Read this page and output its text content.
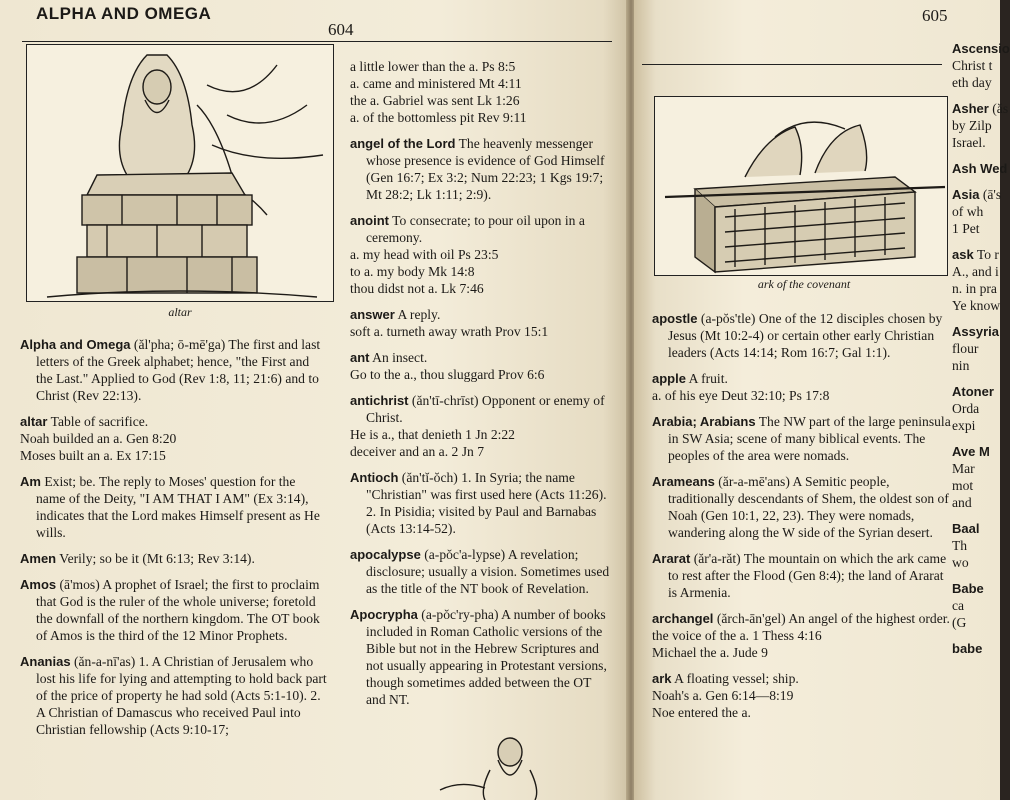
ALPHA AND OMEGA
604
altar

Alpha and Omega (ăl'pha; ō-mē'ga) The first and last letters of the Greek alphabet; hence, "the First and the Last." Applied to God (Rev 1:8, 11; 21:6) and to Christ (Rev 22:13).

altar Table of sacrifice.

Noah builded an a. Gen 8:20
Moses built an a. Ex 17:15

Am Exist; be. The reply to Moses' question for the name of the Deity, "I AM THAT I AM" (Ex 3:14), indicates that the Lord makes Himself present as He wills.

Amen Verily; so be it (Mt 6:13; Rev 3:14).

Amos (ā'mos) A prophet of Israel; the first to proclaim that God is the ruler of the whole universe; foretold the downfall of the northern kingdom. The OT book of Amos is the third of the 12 Minor Prophets.

Ananias (ăn-a-nī'as) 1. A Christian of Jerusalem who lost his life for lying and attempting to hold back part of the price of property he had sold (Acts 5:1-10). 2. A Christian of Damascus who received Paul into Christian fellowship (Acts 9:10-17;

a little lower than the a. Ps 8:5
a. came and ministered Mt 4:11
the a. Gabriel was sent Lk 1:26
a. of the bottomless pit Rev 9:11

angel of the Lord The heavenly messenger whose presence is evidence of God Himself (Gen 16:7; Ex 3:2; Num 22:23; 1 Kgs 19:7; Mt 28:2; Lk 1:11; 2:9).

anoint To consecrate; to pour oil upon in a ceremony.

a. my head with oil Ps 23:5
to a. my body Mk 14:8
thou didst not a. Lk 7:46

answer A reply.

soft a. turneth away wrath Prov 15:1

ant An insect.

Go to the a., thou sluggard Prov 6:6

antichrist (ăn'tī-chrīst) Opponent or enemy of Christ.

He is a., that denieth 1 Jn 2:22
deceiver and an a. 2 Jn 7

Antioch (ăn'tĭ-ŏch) 1. In Syria; the name "Christian" was first used here (Acts 11:26). 2. In Pisidia; visited by Paul and Barnabas (Acts 13:14-52).

apocalypse (a-pŏc'a-lypse) A revelation; disclosure; usually a vision. Sometimes used as the title of the NT book of Revelation.

Apocrypha (a-pŏc'ry-pha) A number of books included in Roman Catholic versions of the Bible but not in the Hebrew Scriptures and not usually appearing in Protestant versions, though sometimes added between the OT and NT.

605
ark of the covenant

apostle (a-pŏs'tle) One of the 12 disciples chosen by Jesus (Mt 10:2-4) or certain other early Christian leaders (Acts 14:14; Rom 16:7; Gal 1:1).

apple A fruit.

a. of his eye Deut 32:10; Ps 17:8

Arabia; Arabians The NW part of the large peninsula in SW Asia; scene of many biblical events. The peoples of the area were nomads.

Arameans (ăr-a-mē'ans) A Semitic people, traditionally descendants of Shem, the oldest son of Noah (Gen 10:1, 22, 23). They were nomads, wandering along the W side of the Syrian desert.

Ararat (ăr'a-răt) The mountain on which the ark came to rest after the Flood (Gen 8:4); the land of Ararat is Armenia.

archangel (ărch-ān'gel) An angel of the highest order.

the voice of the a. 1 Thess 4:16
Michael the a. Jude 9

ark A floating vessel; ship.

Noah's a. Gen 6:14—8:19
Noe entered the a.

Ascensio

Christ t
eth day

Asher (ăs

by Zilp
Israel.

Ash Wed

Asia (ā's

of wh
1 Pet

ask To r

A., and i
n. in pra
Ye know

Assyria

flour
nin

Atoner

Orda
expi

Ave M

Mar
mot
and

Baal

Th
wo

Babe

ca
(G

babe
